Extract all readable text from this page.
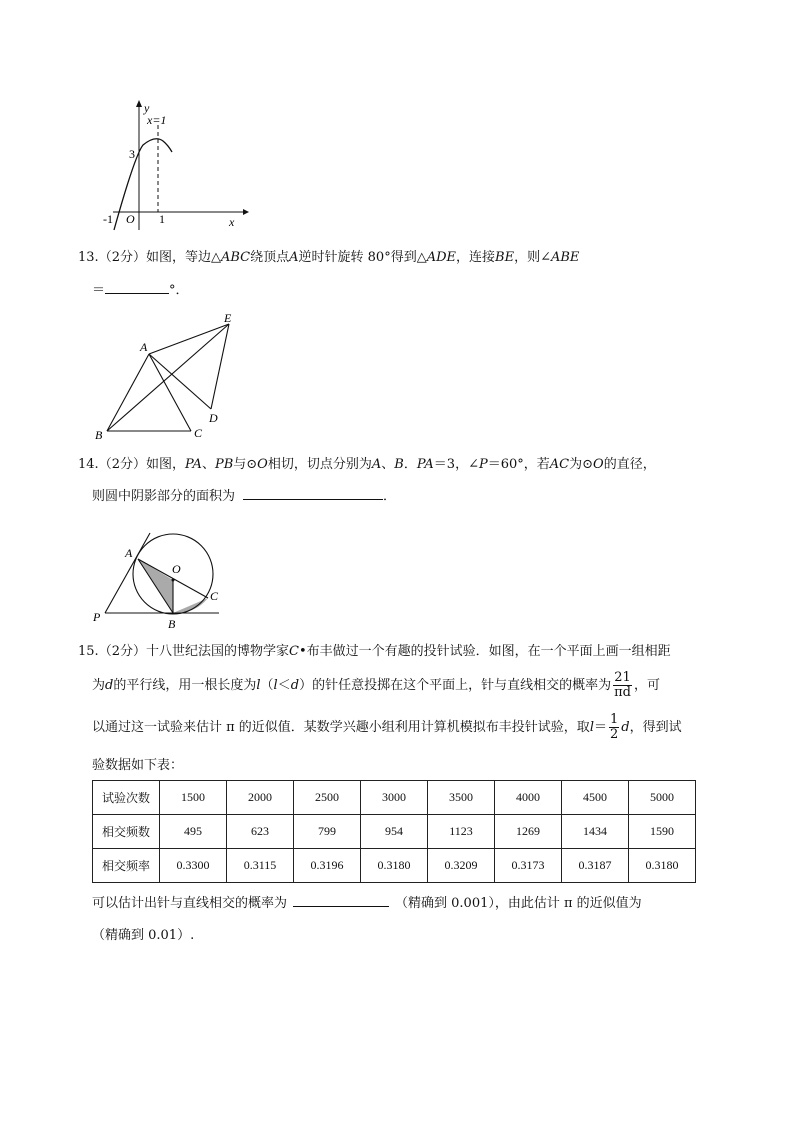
y
x=1
3
-1 O 1	x
13.（2分）如图，等边△ABC绕顶点A逆时针旋转 80°得到△ADE，连接BE，则∠ABE
＝	°．
A
E
D
B	C
14.（2分）如图，PA、PB与⊙O相切，切点分别为A、B．PA＝3，∠P＝60°，若AC为⊙O的直径，
则圆中阴影部分的面积为	．
A
O
C
P	B
15.（2分）十八世纪法国的博物学家C•布丰做过一个有趣的投针试验．如图，在一个平面上画一组相距
为d的平行线，用一根长度为l（l＜d）的针任意投掷在这个平面上，针与直线相交的概率为 $\frac{21}{\pi d}$ ，可
以通过这一试验来估计 π 的近似值．某数学兴趣小组利用计算机模拟布丰投针试验，取$l= \frac{1}{2}$ d，得到试
验数据如下表：
试验次数	1500	2000	2500	3000	3500	4000	4500	5000
相交频数	495	623	799	954	1123	1269	1434	1590
相交频率	0.3300	0.3115	0.3196	0.3180	0.3209	0.3173	0.3187	0.3180
可以估计出针与直线相交的概率为	（精确到 0.001），由此估计 π 的近似值为
（精确到 0.01）.
